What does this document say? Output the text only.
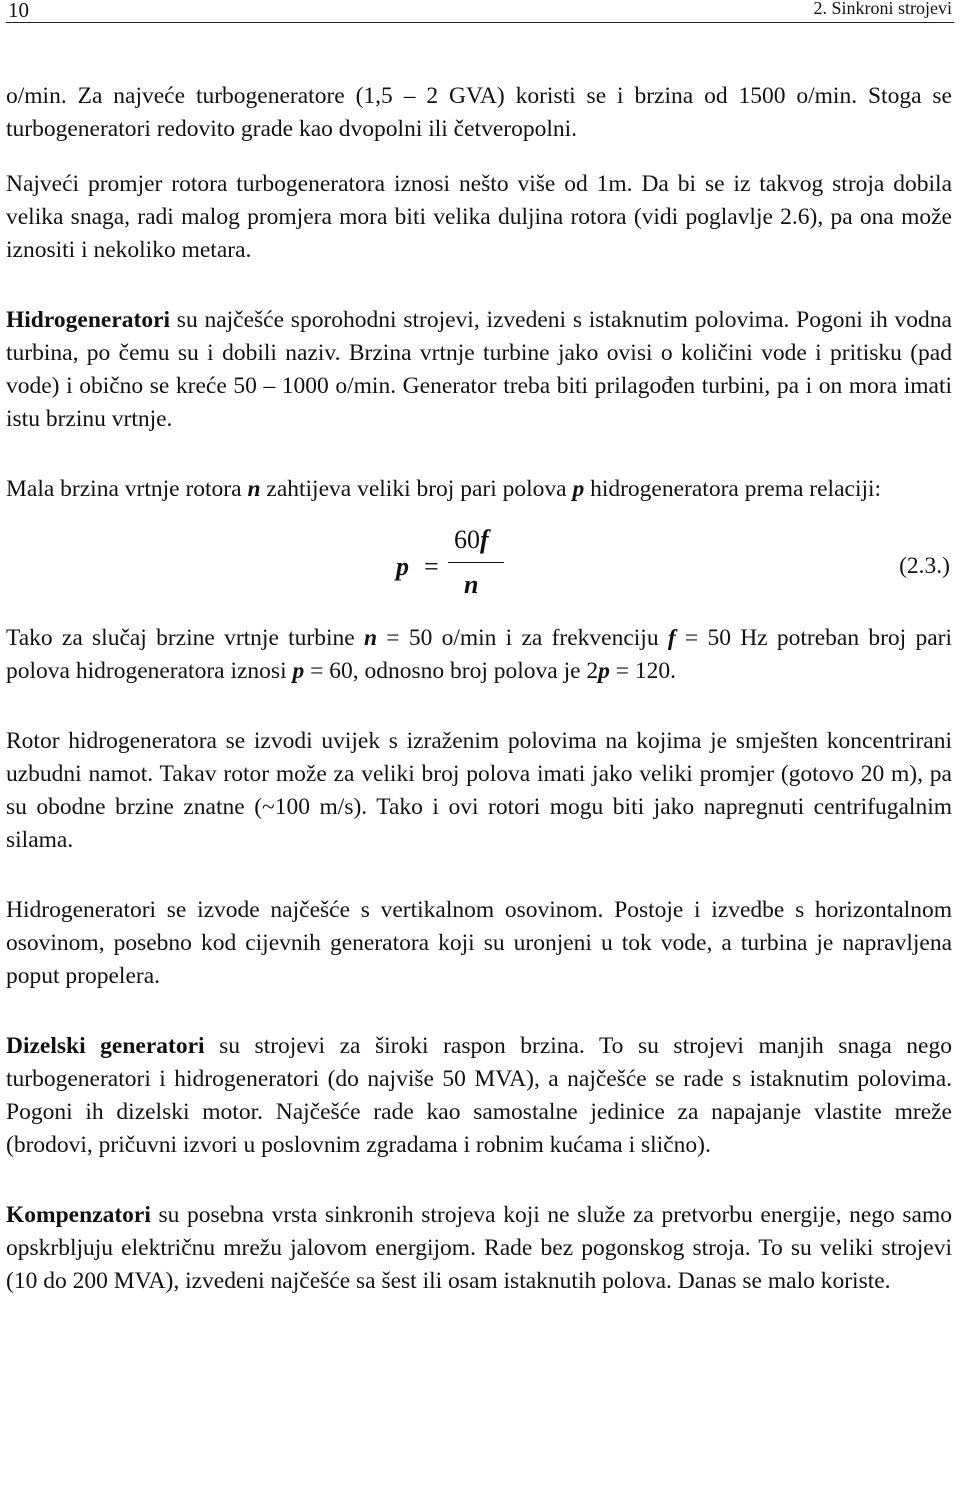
10	2. Sinkroni strojevi

o/min. Za najveće turbogeneratore (1,5 – 2 GVA) koristi se i brzina od 1500 o/min. Stoga se turbogeneratori redovito grade kao dvopolni ili četveropolni.

Najveći promjer rotora turbogeneratora iznosi nešto više od 1m. Da bi se iz takvog stroja dobila velika snaga, radi malog promjera mora biti velika duljina rotora (vidi poglavlje 2.6), pa ona može iznositi i nekoliko metara.

Hidrogeneratori su najčešće sporohodni strojevi, izvedeni s istaknutim polovima. Pogoni ih vodna turbina, po čemu su i dobili naziv. Brzina vrtnje turbine jako ovisi o količini vode i pritisku (pad vode) i obično se kreće 50 – 1000 o/min. Generator treba biti prilagođen turbini, pa i on mora imati istu brzinu vrtnje.

Mala brzina vrtnje rotora n zahtijeva veliki broj pari polova p hidrogeneratora prema relaciji:

p =
60f
n
(2.3.)

Tako za slučaj brzine vrtnje turbine n = 50 o/min i za frekvenciju f = 50 Hz potreban broj pari polova hidrogeneratora iznosi p = 60, odnosno broj polova je 2p = 120.

Rotor hidrogeneratora se izvodi uvijek s izraženim polovima na kojima je smješten koncentrirani uzbudni namot. Takav rotor može za veliki broj polova imati jako veliki promjer (gotovo 20 m), pa su obodne brzine znatne (~100 m/s). Tako i ovi rotori mogu biti jako napregnuti centrifugalnim silama.

Hidrogeneratori se izvode najčešće s vertikalnom osovinom. Postoje i izvedbe s horizontalnom osovinom, posebno kod cijevnih generatora koji su uronjeni u tok vode, a turbina je napravljena poput propelera.

Dizelski generatori su strojevi za široki raspon brzina. To su strojevi manjih snaga nego turbogeneratori i hidrogeneratori (do najviše 50 MVA), a najčešće se rade s istaknutim polovima. Pogoni ih dizelski motor. Najčešće rade kao samostalne jedinice za napajanje vlastite mreže (brodovi, pričuvni izvori u poslovnim zgradama i robnim kućama i slično).

Kompenzatori su posebna vrsta sinkronih strojeva koji ne služe za pretvorbu energije, nego samo opskrbljuju električnu mrežu jalovom energijom. Rade bez pogonskog stroja. To su veliki strojevi (10 do 200 MVA), izvedeni najčešće sa šest ili osam istaknutih polova. Danas se malo koriste.
